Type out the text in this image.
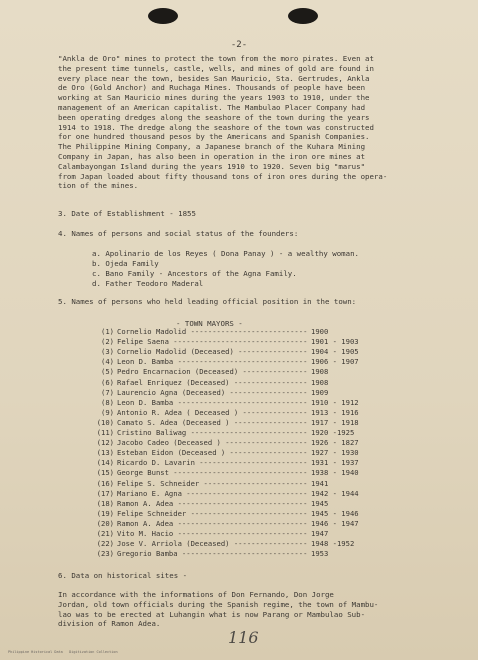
-2-
"Ankla de Oro" mines to protect the town from the moro pirates. Even at
the present time tunnels, castle, wells, and mines of gold are found in
every place near the town, besides San Mauricio, Sta. Gertrudes, Ankla
de Oro (Gold Anchor) and Ruchaga Mines. Thousands of people have been
working at San Mauricio mines during the years 1903 to 1910, under the
management of an American capitalist. The Mambulao Placer Company had
been operating dredges along the seashore of the town during the years
1914 to 1918. The dredge along the seashore of the town was constructed
for one hundred thousand pesos by the Americans and Spanish Companies.
The Philippine Mining Company, a Japanese branch of the Kuhara Mining
Company in Japan, has also been in operation in the iron ore mines at
Calambayongan Island during the years 1910 to 1920. Seven big "marus"
from Japan loaded about fifty thousand tons of iron ores during the opera-
tion of the mines.
3. Date of Establishment - 1855
4. Names of persons and social status of the founders:
a. Apolinario de los Reyes ( Dona Panay ) - a wealthy woman.
b. Ojeda Family
c. Bano Family - Ancestors of the Agna Family.
d. Father Teodoro Maderal
5. Names of persons who held leading official position in the town:
- TOWN MAYORS -
(1) Cornelio Madolid --------------------------- 1900
(2) Felipe Saena ------------------------------- 1901 - 1903
(3) Cornelio Madolid (Deceased) ---------------- 1904 - 1905
(4) Leon D. Bamba ------------------------------ 1906 - 1907
(5) Pedro Encarnacion (Deceased) --------------- 1908
(6) Rafael Enriquez (Deceased) ----------------- 1908
(7) Laurencio Agna (Deceased) ------------------ 1909
(8) Leon D. Bamba ------------------------------ 1910 - 1912
(9) Antonio R. Adea ( Deceased ) --------------- 1913 - 1916
(10) Camato S. Adea (Deceased ) ----------------- 1917 - 1918
(11) Cristino Baliwag --------------------------- 1920 -1925
(12) Jacobo Cadeo (Deceased ) ------------------- 1926 - 1827
(13) Esteban Eidon (Deceased ) ------------------ 1927 - 1930
(14) Ricardo D. Lavarin ------------------------- 1931 - 1937
(15) George Bunst ------------------------------- 1938 - 1940
(16) Felipe S. Schneider ------------------------ 1941
(17) Mariano E. Agna ---------------------------- 1942 - 1944
(18) Ramon A. Adea ------------------------------ 1945
(19) Felipe Schneider --------------------------- 1945 - 1946
(20) Ramon A. Adea ------------------------------ 1946 - 1947
(21) Vito M. Hacio ------------------------------ 1947
(22) Jose V. Arriola (Deceased) ----------------- 1948 -1952
(23) Gregorio Bamba ----------------------------- 1953
6. Data on historical sites -
In accordance with the informations of Don Fernando, Don Jorge
Jordan, old town officials during the Spanish regime, the town of Mambu-
lao was to be erected at Luhangin what is now Parang or Mambulao Sub-
division of Ramon Adea.
116
Philippine Historical Data   Digitization Collection
